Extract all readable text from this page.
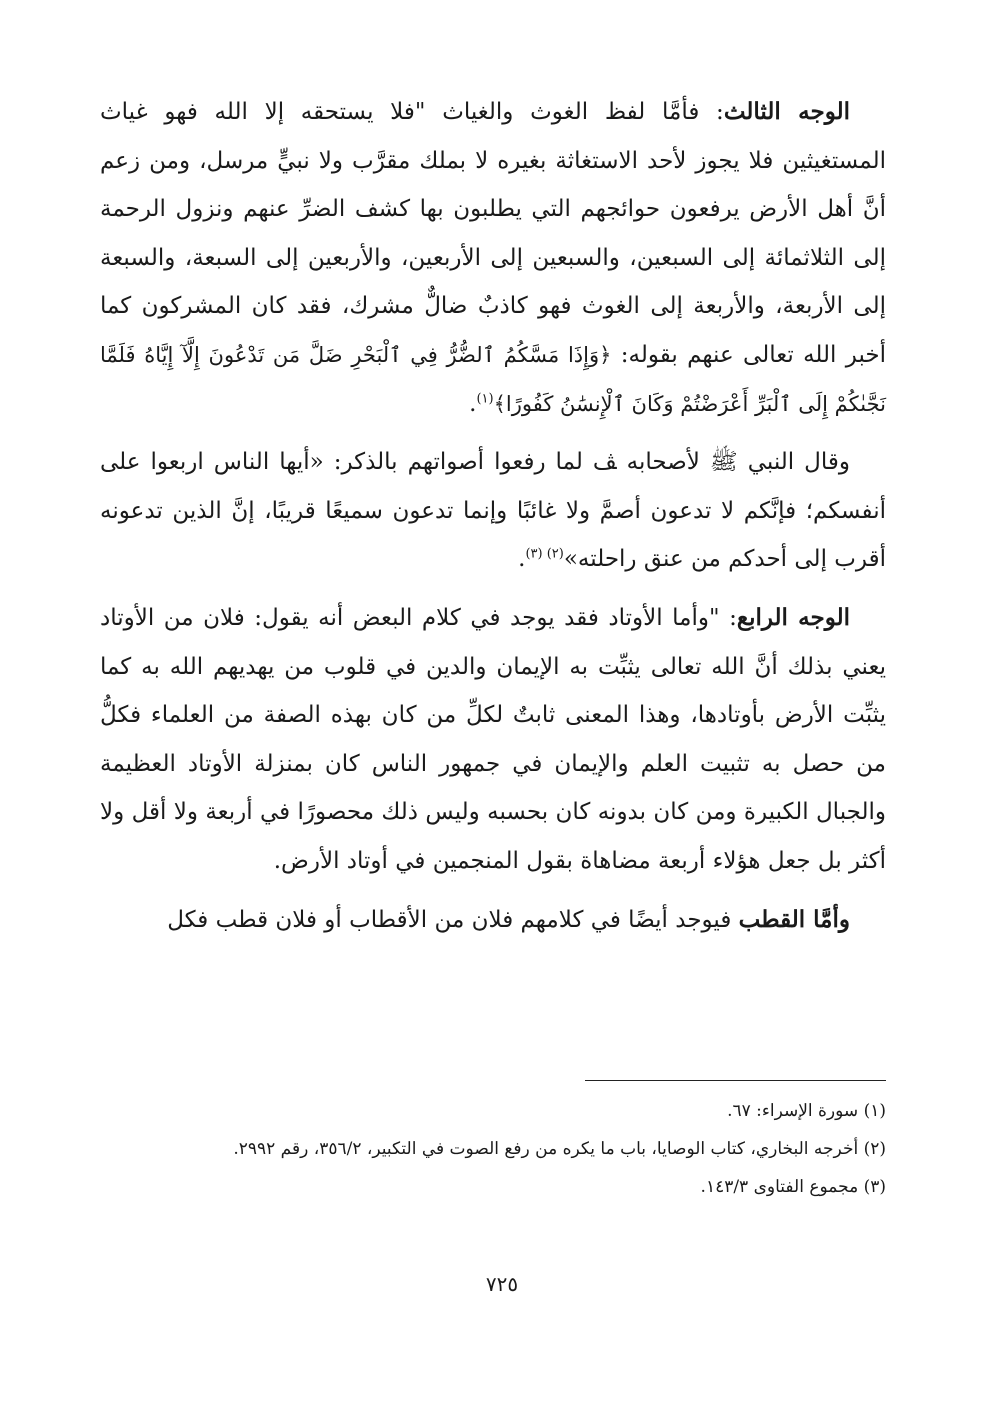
الوجه الثالث: فأمَّا لفظ الغوث والغياث "فلا يستحقه إلا الله فهو غياث المستغيثين فلا يجوز لأحد الاستغاثة بغيره لا بملك مقرَّب ولا نبيٍّ مرسل، ومن زعم أنَّ أهل الأرض يرفعون حوائجهم التي يطلبون بها كشف الضرِّ عنهم ونزول الرحمة إلى الثلاثمائة إلى السبعين، والسبعين إلى الأربعين، والأربعين إلى السبعة، والسبعة إلى الأربعة، والأربعة إلى الغوث فهو كاذبٌ ضالٌّ مشرك، فقد كان المشركون كما أخبر الله تعالى عنهم بقوله: ﴿وَإِذَا مَسَّكُمُ ٱلضُّرُّ فِي ٱلْبَحْرِ ضَلَّ مَن تَدْعُونَ إِلَّآ إِيَّاهُ فَلَمَّا نَجَّىٰكُمْ إِلَى ٱلْبَرِّ أَعْرَضْتُمْ وَكَانَ ٱلْإِنسَٰنُ كَفُورًا﴾$^{(١)}$.

وقال النبي ﷺ لأصحابه ﭫ لما رفعوا أصواتهم بالذكر: «أيها الناس اربعوا على أنفسكم؛ فإنَّكم لا تدعون أصمَّ ولا غائبًا وإنما تدعون سميعًا قريبًا، إنَّ الذين تدعونه أقرب إلى أحدكم من عنق راحلته»$^{(٢) (٣)}$.

الوجه الرابع: "وأما الأوتاد فقد يوجد في كلام البعض أنه يقول: فلان من الأوتاد يعني بذلك أنَّ الله تعالى يثبِّت به الإيمان والدين في قلوب من يهديهم الله به كما يثبِّت الأرض بأوتادها، وهذا المعنى ثابتٌ لكلِّ من كان بهذه الصفة من العلماء فكلُّ من حصل به تثبيت العلم والإيمان في جمهور الناس كان بمنزلة الأوتاد العظيمة والجبال الكبيرة ومن كان بدونه كان بحسبه وليس ذلك محصورًا في أربعة ولا أقل ولا أكثر بل جعل هؤلاء أربعة مضاهاة بقول المنجمين في أوتاد الأرض.

وأمَّا القطب فيوجد أيضًا في كلامهم فلان من الأقطاب أو فلان قطب فكل

(١) سورة الإسراء: ٦٧.

(٢) أخرجه البخاري، كتاب الوصايا، باب ما يكره من رفع الصوت في التكبير، ٣٥٦/٢، رقم ٢٩٩٢.

(٣) مجموع الفتاوى ١٤٣/٣.

٧٢٥
